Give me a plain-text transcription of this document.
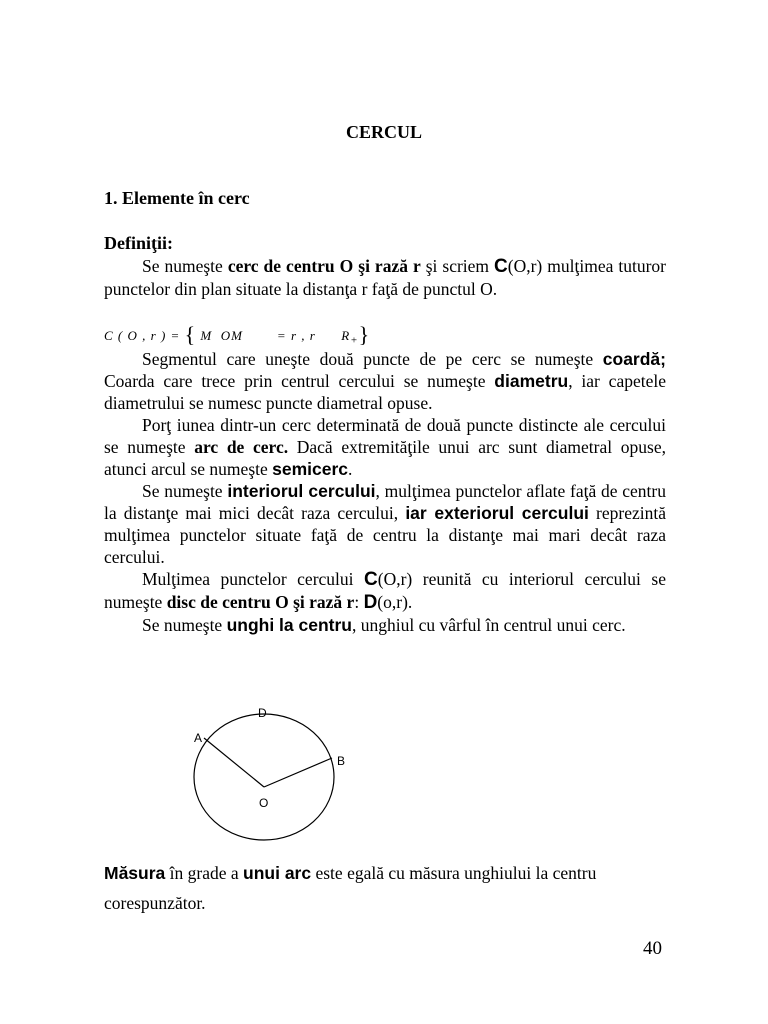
CERCUL
1. Elemente în cerc
Definiţii:

Se numeşte cerc de centru O şi rază r şi scriem C(O,r) mulţimea tuturor punctelor din plan situate la distanţa r faţă de punctul O.

C ( O , r ) = { M  OM        = r , r      $R_+$}

Segmentul care uneşte două puncte de pe cerc se numeşte coardă; Coarda care trece prin centrul cercului se numeşte diametru, iar capetele diametrului se numesc puncte diametral opuse.

Porţ iunea dintr-un cerc determinată de două puncte distincte ale cercului se numeşte arc de cerc. Dacă extremităţile unui arc sunt diametral opuse, atunci arcul se numeşte semicerc.

Se numeşte interiorul cercului, mulţimea punctelor aflate faţă de centru la distanţe mai mici decât raza cercului, iar exteriorul cercului reprezintă mulţimea punctelor situate faţă de centru la distanţe mai mari decât raza cercului.

Mulţimea punctelor cercului C(O,r) reunită cu interiorul cercului se numeşte disc de centru O şi rază r: D(o,r).

Se numeşte unghi la centru, unghiul cu vârful în centrul unui cerc.

D
A
B
O
Măsura în grade a unui arc este egală cu măsura unghiului la centru corespunzător.
40
